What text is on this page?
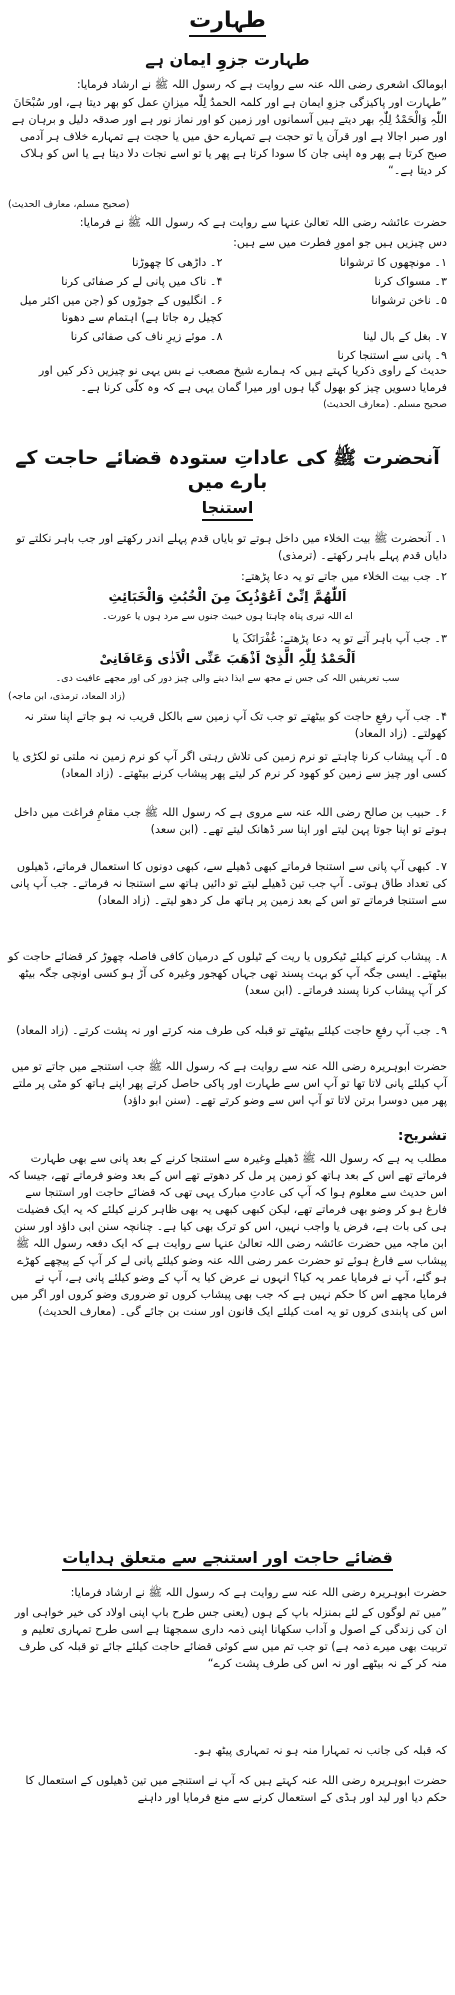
طہارت
طہارت جزوِ ایمان ہے
ابومالک اشعری رضی اللہ عنہ سے روایت ہے کہ رسول اللہ ﷺ نے ارشاد فرمایا:
”طہارت اور پاکیزگی جزوِ ایمان ہے اور کلمہ الحمدُ لِلّٰہ میزانِ عمل کو بھر دیتا ہے، اور سُبْحَانَ اللّٰہِ وَالْحَمْدُ لِلّٰہِ بھر دیتے ہیں آسمانوں اور زمین کو اور نماز نور ہے اور صدقہ دلیل و برہان ہے اور صبر اجالا ہے اور قرآن یا تو حجت ہے تمہارے حق میں یا حجت ہے تمہارے خلاف ہر آدمی صبح کرتا ہے پھر وہ اپنی جان کا سودا کرتا ہے پھر یا تو اسے نجات دلا دیتا ہے یا اس کو ہلاک کر دیتا ہے۔“
(صحیح مسلم، معارف الحدیث)
حضرت عائشہ رضی اللہ تعالیٰ عنہا سے روایت ہے کہ رسول اللہ ﷺ نے فرمایا:
دس چیزیں ہیں جو امورِ فطرت میں سے ہیں:
۱۔ مونچھوں کا ترشوانا
۲۔ داڑھی کا چھوڑنا
۳۔ مسواک کرنا
۴۔ ناک میں پانی لے کر صفائی کرنا
۵۔ ناخن ترشوانا
۶۔ انگلیوں کے جوڑوں کو (جن میں اکثر میل کچیل رہ جاتا ہے) اہتمام سے دھونا
۷۔ بغل کے بال لینا
۸۔ موئے زیرِ ناف کی صفائی کرنا
۹۔ پانی سے استنجا کرنا
حدیث کے راوی ذکریا کہتے ہیں کہ ہمارے شیخ مصعب نے بس یہی نو چیزیں ذکر کیں اور فرمایا دسویں چیز کو بھول گیا ہوں اور میرا گمان یہی ہے کہ وہ کلّی کرنا ہے۔
صحیح مسلم۔ (معارف الحدیث)
آنحضرت ﷺ کی عاداتِ ستودہ قضائے حاجت کے بارے میں
استنجا
۱۔ آنحضرت ﷺ بیت الخلاء میں داخل ہوتے تو بایاں قدم پہلے اندر رکھتے اور جب باہر نکلتے تو دایاں قدم پہلے باہر رکھتے۔ (ترمذی)
۲۔ جب بیت الخلاء میں جاتے تو یہ دعا پڑھتے:
اَللّٰھُمَّ اِنِّیْ اَعُوْذُبِکَ مِنَ الْخُبُثِ وَالْخَبَائِثِ
اے اللہ تیری پناہ چاہتا ہوں خبیث جنوں سے مرد ہوں یا عورت۔
۳۔ جب آپ باہر آتے تو یہ دعا پڑھتے: غُفْرَانَکَ یا
اَلْحَمْدُ لِلّٰہِ الَّذِیْ اَذْھَبَ عَنِّی الْاَذٰی وَعَافَانِیْ
سب تعریفیں اللہ کی جس نے مجھ سے ایذا دینے والی چیز دور کی اور مجھے عافیت دی۔
(زاد المعاد، ترمذی، ابن ماجہ)
۴۔ جب آپ رفعِ حاجت کو بیٹھتے تو جب تک آپ زمین سے بالکل قریب نہ ہو جاتے اپنا ستر نہ کھولتے۔ (زاد المعاد)
۵۔ آپ پیشاب کرنا چاہتے تو نرم زمین کی تلاش رہتی اگر آپ کو نرم زمین نہ ملتی تو لکڑی یا کسی اور چیز سے زمین کو کھود کر نرم کر لیتے پھر پیشاب کرنے بیٹھتے۔ (زاد المعاد)
۶۔ حبیب بن صالح رضی اللہ عنہ سے مروی ہے کہ رسول اللہ ﷺ جب مقامِ فراغت میں داخل ہوتے تو اپنا جوتا پہن لیتے اور اپنا سر ڈھانک لیتے تھے۔ (ابن سعد)
۷۔ کبھی آپ پانی سے استنجا فرماتے کبھی ڈھیلے سے، کبھی دونوں کا استعمال فرماتے، ڈھیلوں کی تعداد طاق ہوتی۔ آپ جب تین ڈھیلے لیتے تو دائیں ہاتھ سے استنجا نہ فرماتے۔ جب آپ پانی سے استنجا فرماتے تو اس کے بعد زمین پر ہاتھ مل کر دھو لیتے۔ (زاد المعاد)
۸۔ پیشاب کرنے کیلئے ٹیکروں یا ریت کے ٹیلوں کے درمیان کافی فاصلہ چھوڑ کر قضائے حاجت کو بیٹھتے۔ ایسی جگہ آپ کو بہت پسند تھی جہاں کھجور وغیرہ کی آڑ ہو کسی اونچی جگہ بیٹھ کر آپ پیشاب کرنا پسند فرماتے۔ (ابن سعد)
۹۔ جب آپ رفعِ حاجت کیلئے بیٹھتے تو قبلہ کی طرف منہ کرتے اور نہ پشت کرتے۔ (زاد المعاد)
حضرت ابوہریرہ رضی اللہ عنہ سے روایت ہے کہ رسول اللہ ﷺ جب استنجے میں جاتے تو میں آپ کیلئے پانی لاتا تھا تو آپ اس سے طہارت اور پاکی حاصل کرتے پھر اپنے ہاتھ کو مٹی پر ملتے پھر میں دوسرا برتن لاتا تو آپ اس سے وضو کرتے تھے۔ (سنن ابو داؤد)
تشریح:
مطلب یہ ہے کہ رسول اللہ ﷺ ڈھیلے وغیرہ سے استنجا کرنے کے بعد پانی سے بھی طہارت فرماتے تھے اس کے بعد ہاتھ کو زمین پر مل کر دھوتے تھے اس کے بعد وضو فرماتے تھے، جیسا کہ اس حدیث سے معلوم ہوا کہ آپ کی عادتِ مبارک یہی تھی کہ قضائے حاجت اور استنجا سے فارغ ہو کر وضو بھی فرماتے تھے، لیکن کبھی کبھی یہ بھی ظاہر کرنے کیلئے کہ یہ ایک فضیلت ہی کی بات ہے، فرض یا واجب نہیں، اس کو ترک بھی کیا ہے۔ چنانچہ سنن ابی داؤد اور سنن ابن ماجہ میں حضرت عائشہ رضی اللہ تعالیٰ عنہا سے روایت ہے کہ ایک دفعہ رسول اللہ ﷺ پیشاب سے فارغ ہوئے تو حضرت عمر رضی اللہ عنہ وضو کیلئے پانی لے کر آپ کے پیچھے کھڑے ہو گئے، آپ نے فرمایا عمر یہ کیا؟ انہوں نے عرض کیا یہ آپ کے وضو کیلئے پانی ہے، آپ نے فرمایا مجھے اس کا حکم نہیں ہے کہ جب بھی پیشاب کروں تو ضروری وضو کروں اور اگر میں اس کی پابندی کروں تو یہ امت کیلئے ایک قانون اور سنت بن جائے گی۔ (معارف الحدیث)
قضائے حاجت اور استنجے سے متعلق ہدایات
حضرت ابوہریرہ رضی اللہ عنہ سے روایت ہے کہ رسول اللہ ﷺ نے ارشاد فرمایا:
”میں تم لوگوں کے لئے بمنزلہ باپ کے ہوں (یعنی جس طرح باپ اپنی اولاد کی خیر خواہی اور ان کی زندگی کے اصول و آداب سکھانا اپنی ذمہ داری سمجھتا ہے اسی طرح تمہاری تعلیم و تربیت بھی میرے ذمہ ہے) تو جب تم میں سے کوئی قضائے حاجت کیلئے جائے تو قبلہ کی طرف منہ کر کے نہ بیٹھے اور نہ اس کی طرف پشت کرے“
کہ قبلہ کی جانب نہ تمہارا منہ ہو نہ تمہاری پیٹھ ہو۔
حضرت ابوہریرہ رضی اللہ عنہ کہتے ہیں کہ آپ نے استنجے میں تین ڈھیلوں کے استعمال کا حکم دیا اور لید اور ہڈی کے استعمال کرنے سے منع فرمایا اور داہنے
